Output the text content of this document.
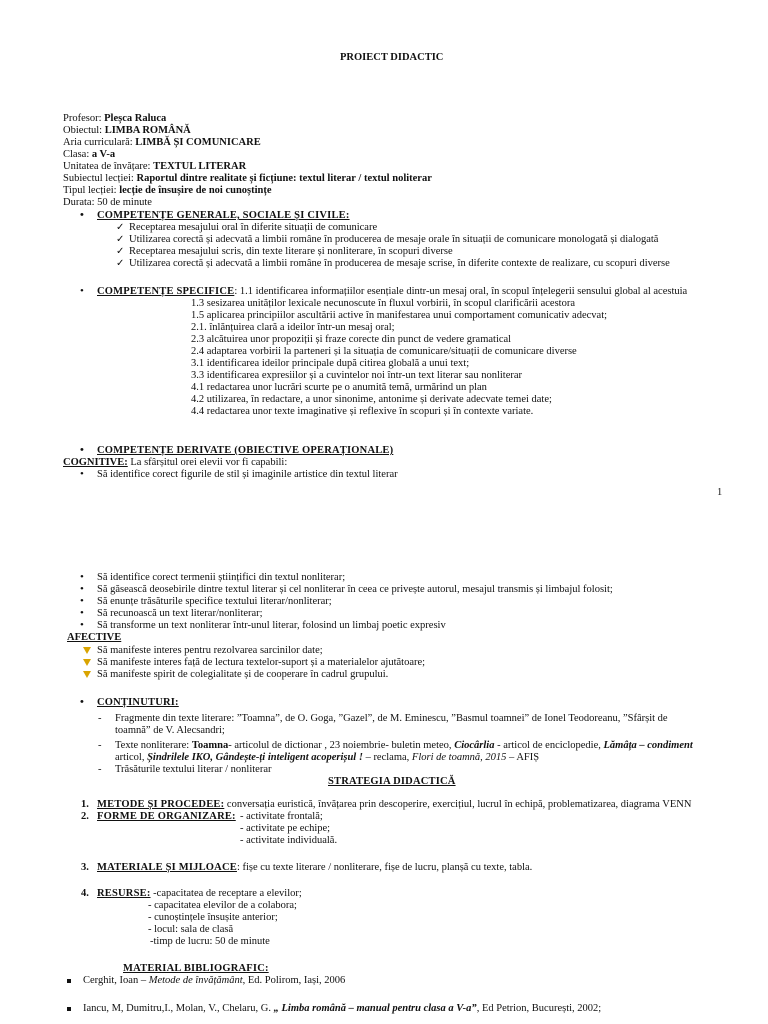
PROIECT DIDACTIC
Profesor: Pleșca Raluca
Obiectul: LIMBA ROMÂNĂ
Aria curriculară: LIMBĂ ȘI COMUNICARE
Clasa: a V-a
Unitatea de învățare: TEXTUL LITERAR
Subiectul lecției: Raportul dintre realitate și ficțiune: textul literar / textul noliterar
Tipul lecției: lecție de însușire de noi cunoștințe
Durata: 50 de minute
• COMPETENȚE GENERALE, SOCIALE ȘI CIVILE:
✓ Receptarea mesajului oral în diferite situații de comunicare
✓ Utilizarea corectă și adecvată a limbii române în producerea de mesaje orale în situații de comunicare monologată și dialogată
✓ Receptarea mesajului scris, din texte literare și nonliterare, în scopuri diverse
✓ Utilizarea corectă și adecvată a limbii române în producerea de mesaje scrise, în diferite contexte de realizare, cu scopuri diverse
• COMPETENȚE SPECIFICE: 1.1 identificarea informațiilor esențiale dintr-un mesaj oral, în scopul înțelegerii sensului global al acestuia
1.3 sesizarea unităților lexicale necunoscute în fluxul vorbirii, în scopul clarificării acestora
1.5 aplicarea principiilor ascultării active în manifestarea unui comportament comunicativ adecvat;
2.1. înlănțuirea clară a ideilor într-un mesaj oral;
2.3 alcătuirea unor propoziții și fraze corecte din punct de vedere gramatical
2.4 adaptarea vorbirii la parteneri și la situația de comunicare/situații de comunicare diverse
3.1 identificarea ideilor principale după citirea globală a unui text;
3.3 identificarea expresiilor și a cuvintelor noi într-un text literar sau nonliterar
4.1 redactarea unor lucrări scurte pe o anumită temă, urmărind un plan
4.2 utilizarea, în redactare, a unor sinonime, antonime și derivate adecvate temei date;
4.4 redactarea unor texte imaginative și reflexive în scopuri și în contexte variate.
• COMPETENȚE DERIVATE (OBIECTIVE OPERAȚIONALE)
COGNITIVE: La sfârșitul orei elevii vor fi capabili:
• Să identifice corect figurile de stil și imaginile artistice din textul literar
1
• Să identifice corect termenii științifici din textul nonliterar;
• Să găsească deosebirile dintre textul literar și cel nonliterar în ceea ce privește autorul, mesajul transmis și limbajul folosit;
• Să enunțe trăsăturile specifice textului literar/nonliterar;
• Să recunoască un text literar/nonliterar;
• Să transforme un text nonliterar într-unul literar, folosind un limbaj poetic expresiv
AFECTIVE
Să manifeste interes pentru rezolvarea sarcinilor date;
Să manifeste interes față de lectura textelor-suport și a materialelor ajutătoare;
Să manifeste spirit de colegialitate și de cooperare în cadrul grupului.
• CONȚINUTURI:
- Fragmente din texte literare: ”Toamna”, de O. Goga, ”Gazel”, de M. Eminescu, ”Basmul toamnei” de Ionel Teodoreanu, ”Sfârșit de
toamnă” de V. Alecsandri;
- Texte nonliterare: Toamna- articolul de dictionar , 23 noiembrie- buletin meteo, Ciocârlia - articol de enciclopedie, Lămâța – condiment
articol, Șindrilele IKO, Gândește-ți inteligent acoperișul ! – reclama, Flori de toamnă, 2015 – AFIȘ
- Trăsăturile textului literar / nonliterar
STRATEGIA DIDACTICĂ
1. METODE ȘI PROCEDEE: conversația euristică, învățarea prin descoperire, exercițiul, lucrul în echipă, problematizarea, diagrama VENN
2. FORME DE ORGANIZARE: - activitate frontală;
- activitate pe echipe;
- activitate individuală.
3. MATERIALE ȘI MIJLOACE: fișe cu texte literare / nonliterare, fișe de lucru, planșă cu texte, tabla.
4. RESURSE: -capacitatea de receptare a elevilor;
- capacitatea elevilor de a colabora;
- cunoștințele însușite anterior;
- locul: sala de clasă
-timp de lucru: 50 de minute
MATERIAL BIBLIOGRAFIC:
Cerghit, Ioan – Metode de învățământ, Ed. Polirom, Iași, 2006
Iancu, M, Dumitru,I., Molan, V., Chelaru, G. „ Limba română – manual pentru clasa a V-a”, Ed Petrion, București, 2002;
